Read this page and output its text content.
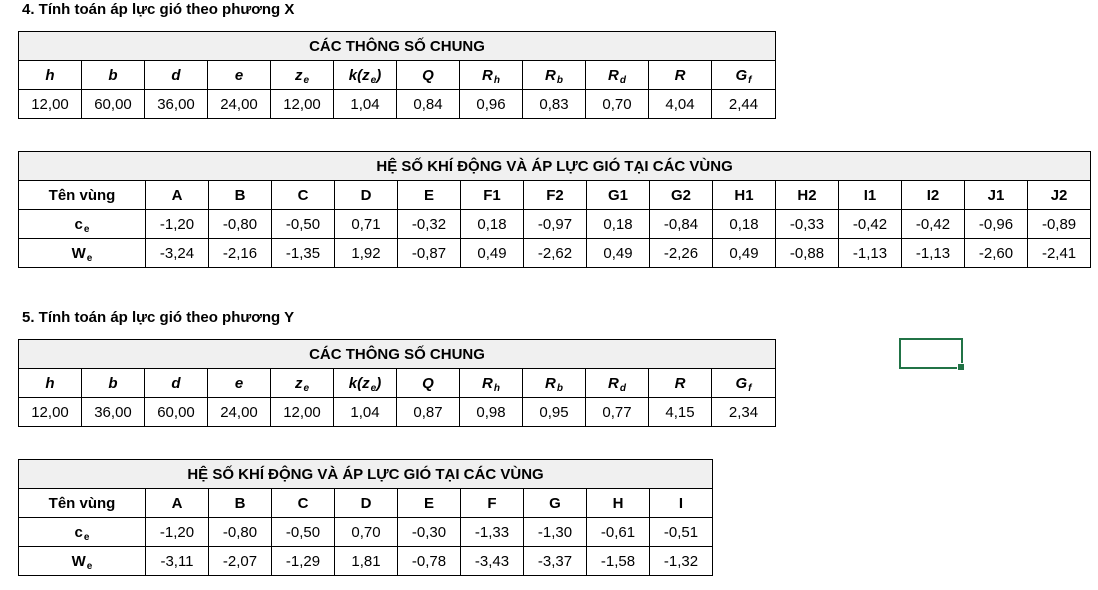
4. Tính toán áp lực gió theo phương X
CÁC THÔNG SỐ CHUNG											
h	b	d	e	$z_e$	$k(z_e)$	Q	$R_h$	$R_b$	$R_d$	R	$G_f$
12,00	60,00	36,00	24,00	12,00	1,04	0,84	0,96	0,83	0,70	4,04	2,44
HỆ SỐ KHÍ ĐỘNG VÀ ÁP LỰC GIÓ TẠI CÁC VÙNG															
Tên vùng	A	B	C	D	E	F1	F2	G1	G2	H1	H2	I1	I2	J1	J2
$c_e$	-1,20	-0,80	-0,50	0,71	-0,32	0,18	-0,97	0,18	-0,84	0,18	-0,33	-0,42	-0,42	-0,96	-0,89
$W_e$	-3,24	-2,16	-1,35	1,92	-0,87	0,49	-2,62	0,49	-2,26	0,49	-0,88	-1,13	-1,13	-2,60	-2,41
5. Tính toán áp lực gió theo phương Y
CÁC THÔNG SỐ CHUNG											
h	b	d	e	$z_e$	$k(z_e)$	Q	$R_h$	$R_b$	$R_d$	R	$G_f$
12,00	36,00	60,00	24,00	12,00	1,04	0,87	0,98	0,95	0,77	4,15	2,34
HỆ SỐ KHÍ ĐỘNG VÀ ÁP LỰC GIÓ TẠI CÁC VÙNG									
Tên vùng	A	B	C	D	E	F	G	H	I
$c_e$	-1,20	-0,80	-0,50	0,70	-0,30	-1,33	-1,30	-0,61	-0,51
$W_e$	-3,11	-2,07	-1,29	1,81	-0,78	-3,43	-3,37	-1,58	-1,32
